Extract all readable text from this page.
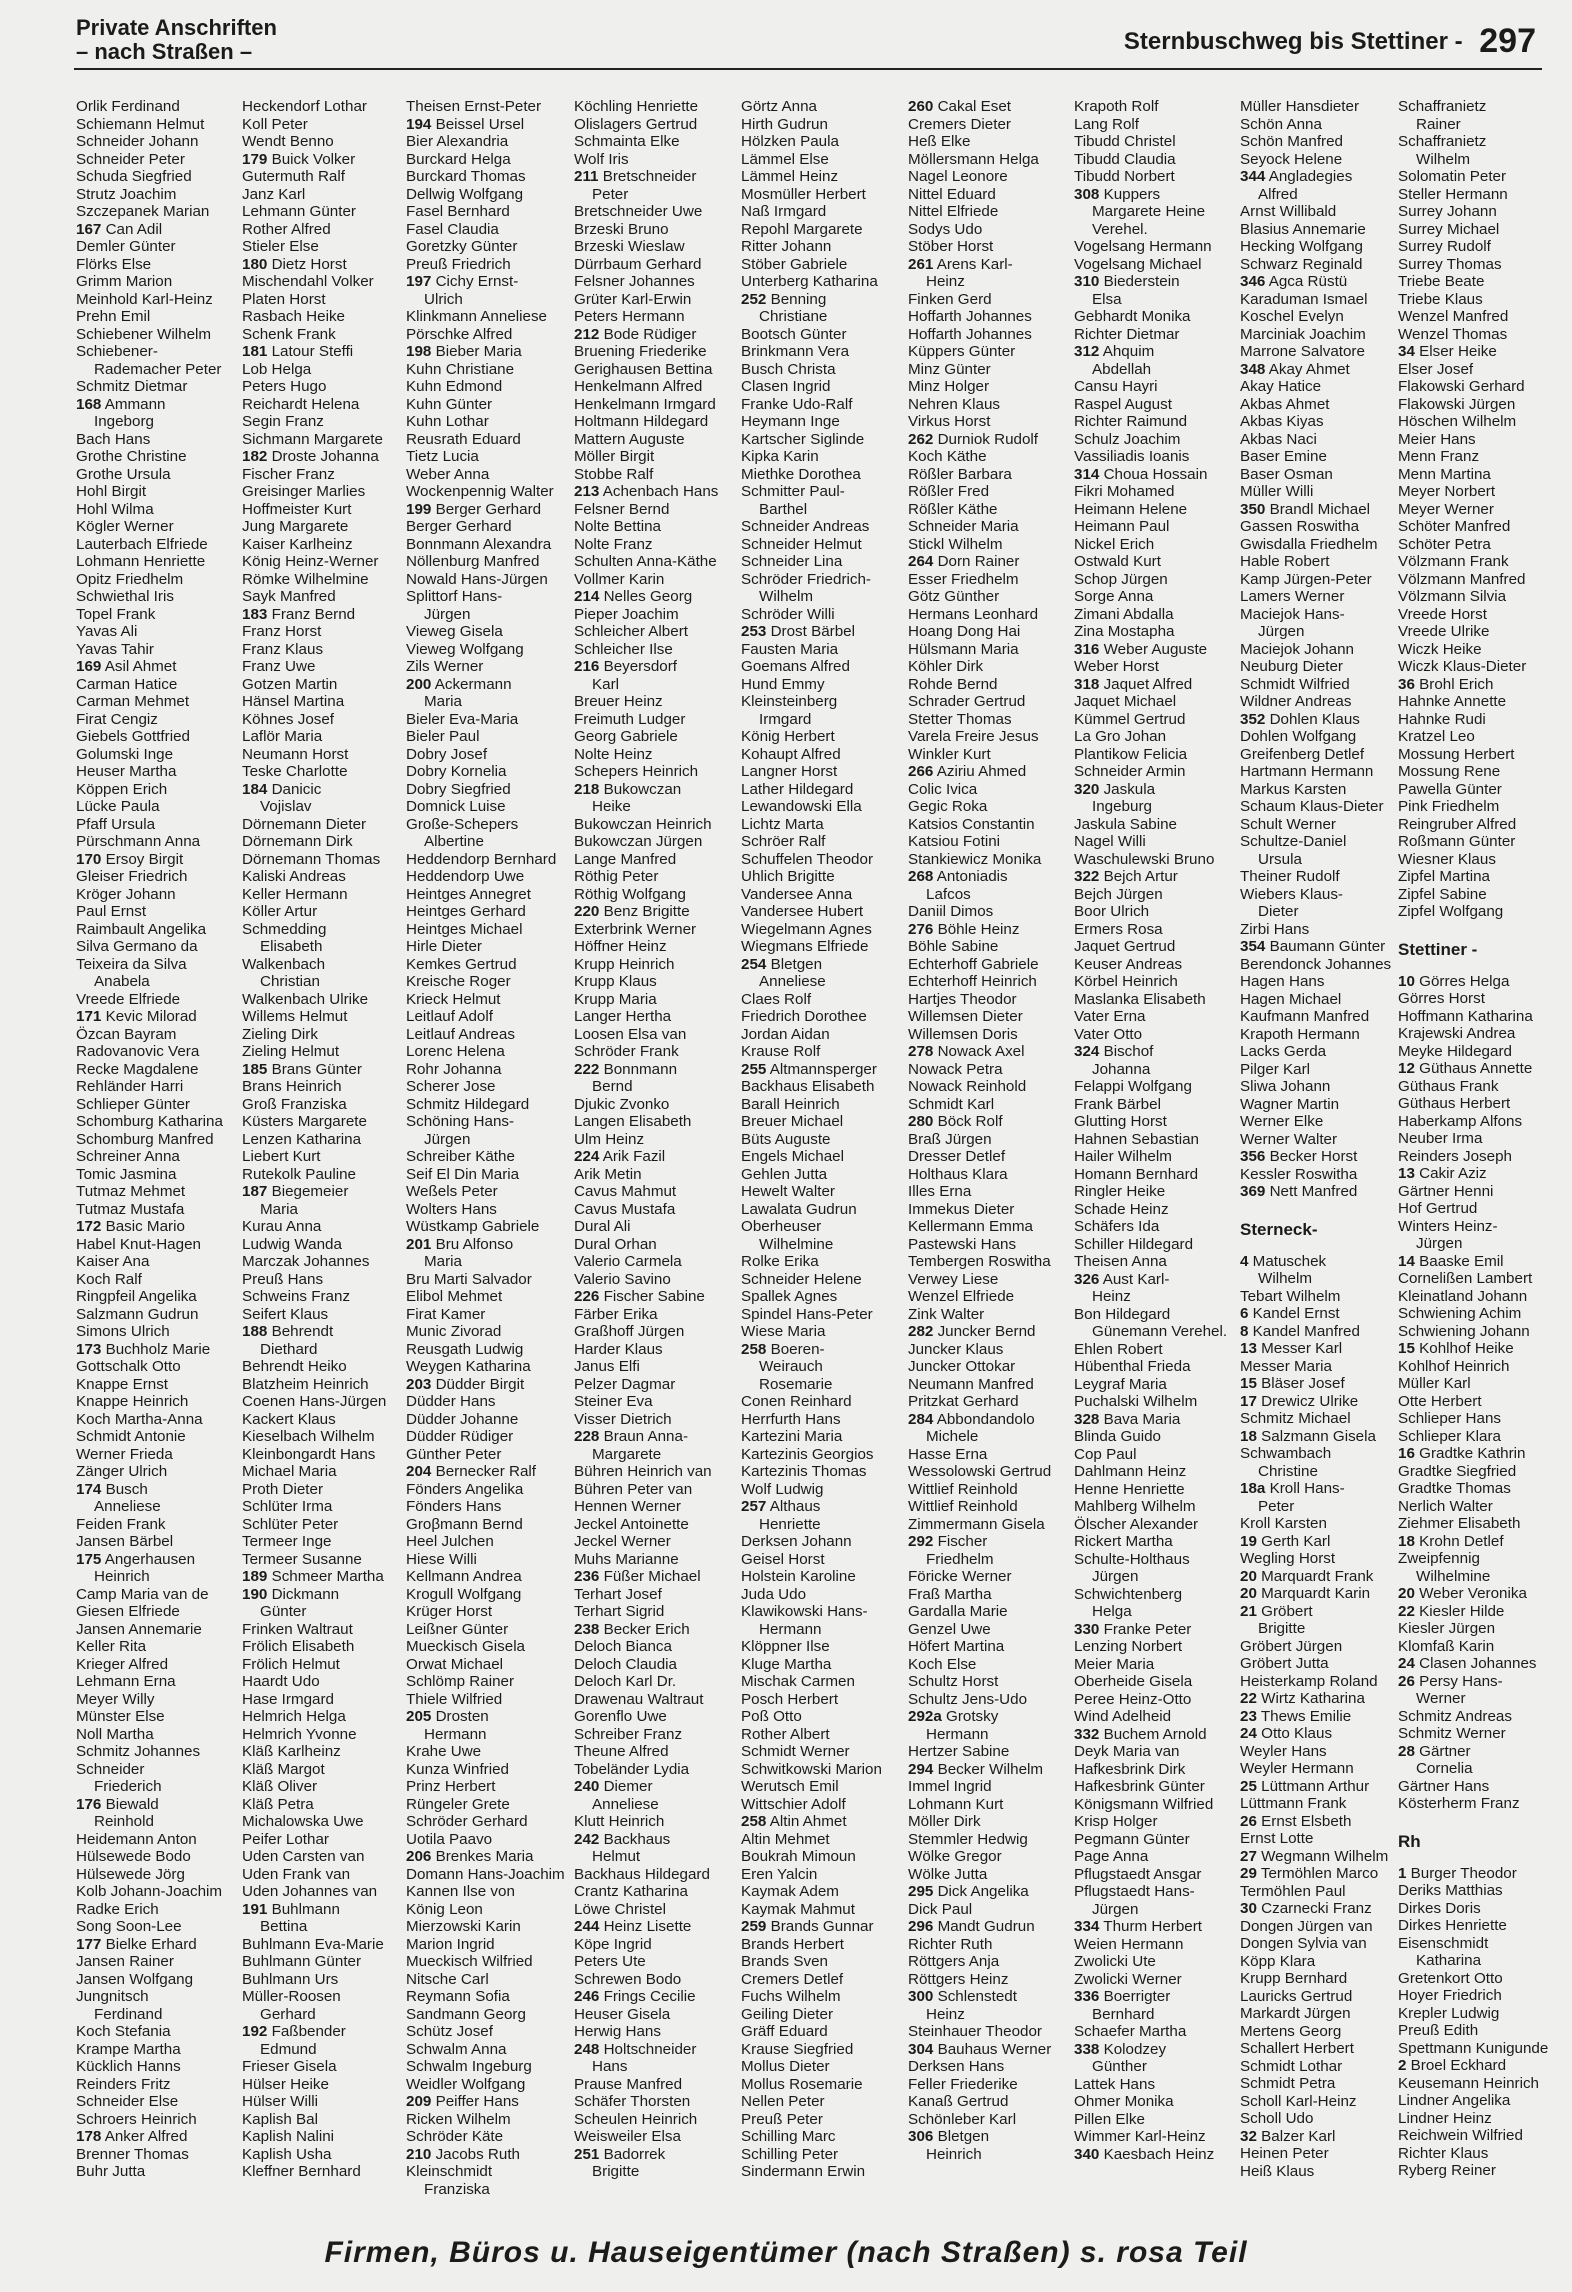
Private Anschriften
– nach Straßen –	Sternbuschweg bis Stettiner - 297
Orlik Ferdinand
Schiemann Helmut
Schneider Johann
Schneider Peter
Schuda Siegfried
Strutz Joachim
Szczepanek Marian
167 Can Adil
Demler Günter
Flörks Else
Grimm Marion
Meinhold Karl-Heinz
Prehn Emil
Schiebener Wilhelm
Schiebener-
Rademacher Peter
Schmitz Dietmar
168 Ammann
Ingeborg
Bach Hans
Grothe Christine
Grothe Ursula
Hohl Birgit
Hohl Wilma
Kögler Werner
Lauterbach Elfriede
Lohmann Henriette
Opitz Friedhelm
Schwiethal Iris
Topel Frank
Yavas Ali
Yavas Tahir
169 Asil Ahmet
Carman Hatice
Carman Mehmet
Firat Cengiz
Giebels Gottfried
Golumski Inge
Heuser Martha
Köppen Erich
Lücke Paula
Pfaff Ursula
Pürschmann Anna
170 Ersoy Birgit
Gleiser Friedrich
Kröger Johann
Paul Ernst
Raimbault Angelika
Silva Germano da
Teixeira da Silva
Anabela
Vreede Elfriede
171 Kevic Milorad
Özcan Bayram
Radovanovic Vera
Recke Magdalene
Rehländer Harri
Schlieper Günter
Schomburg Katharina
Schomburg Manfred
Schreiner Anna
Tomic Jasmina
Tutmaz Mehmet
Tutmaz Mustafa
172 Basic Mario
Habel Knut-Hagen
Kaiser Ana
Koch Ralf
Ringpfeil Angelika
Salzmann Gudrun
Simons Ulrich
173 Buchholz Marie
Gottschalk Otto
Knappe Ernst
Knappe Heinrich
Koch Martha-Anna
Schmidt Antonie
Werner Frieda
Zänger Ulrich
174 Busch
Anneliese
Feiden Frank
Jansen Bärbel
175 Angerhausen
Heinrich
Camp Maria van de
Giesen Elfriede
Jansen Annemarie
Keller Rita
Krieger Alfred
Lehmann Erna
Meyer Willy
Münster Else
Noll Martha
Schmitz Johannes
Schneider
Friederich
176 Biewald
Reinhold
Heidemann Anton
Hülsewede Bodo
Hülsewede Jörg
Kolb Johann-Joachim
Radke Erich
Song Soon-Lee
177 Bielke Erhard
Jansen Rainer
Jansen Wolfgang
Jungnitsch
Ferdinand
Koch Stefania
Krampe Martha
Kücklich Hanns
Reinders Fritz
Schneider Else
Schroers Heinrich
178 Anker Alfred
Brenner Thomas
Buhr Jutta
Heckendorf Lothar
Koll Peter
Wendt Benno
179 Buick Volker
Gutermuth Ralf
Janz Karl
Lehmann Günter
Rother Alfred
Stieler Else
180 Dietz Horst
Mischendahl Volker
Platen Horst
Rasbach Heike
Schenk Frank
181 Latour Steffi
Lob Helga
Peters Hugo
Reichardt Helena
Segin Franz
Sichmann Margarete
182 Droste Johanna
Fischer Franz
Greisinger Marlies
Hoffmeister Kurt
Jung Margarete
Kaiser Karlheinz
König Heinz-Werner
Römke Wilhelmine
Sayk Manfred
183 Franz Bernd
Franz Horst
Franz Klaus
Franz Uwe
Gotzen Martin
Hänsel Martina
Köhnes Josef
Laflör Maria
Neumann Horst
Teske Charlotte
184 Danicic
Vojislav
Dörnemann Dieter
Dörnemann Dirk
Dörnemann Thomas
Kaliski Andreas
Keller Hermann
Köller Artur
Schmedding
Elisabeth
Walkenbach
Christian
Walkenbach Ulrike
Willems Helmut
Zieling Dirk
Zieling Helmut
185 Brans Günter
Brans Heinrich
Groß Franziska
Küsters Margarete
Lenzen Katharina
Liebert Kurt
Rutekolk Pauline
187 Biegemeier
Maria
Kurau Anna
Ludwig Wanda
Marczak Johannes
Preuß Hans
Schweins Franz
Seifert Klaus
188 Behrendt
Diethard
Behrendt Heiko
Blatzheim Heinrich
Coenen Hans-Jürgen
Kackert Klaus
Kieselbach Wilhelm
Kleinbongardt Hans
Michael Maria
Proth Dieter
Schlüter Irma
Schlüter Peter
Termeer Inge
Termeer Susanne
189 Schmeer Martha
190 Dickmann
Günter
Frinken Waltraut
Frölich Elisabeth
Frölich Helmut
Haardt Udo
Hase Irmgard
Helmrich Helga
Helmrich Yvonne
Kläß Karlheinz
Kläß Margot
Kläß Oliver
Kläß Petra
Michalowska Uwe
Peifer Lothar
Uden Carsten van
Uden Frank van
Uden Johannes van
191 Buhlmann
Bettina
Buhlmann Eva-Marie
Buhlmann Günter
Buhlmann Urs
Müller-Roosen
Gerhard
192 Faßbender
Edmund
Frieser Gisela
Hülser Heike
Hülser Willi
Kaplish Bal
Kaplish Nalini
Kaplish Usha
Kleffner Bernhard
Theisen Ernst-Peter
194 Beissel Ursel
Bier Alexandria
Burckard Helga
Burckard Thomas
Dellwig Wolfgang
Fasel Bernhard
Fasel Claudia
Goretzky Günter
Preuß Friedrich
197 Cichy Ernst-
Ulrich
Klinkmann Anneliese
Pörschke Alfred
198 Bieber Maria
Kuhn Christiane
Kuhn Edmond
Kuhn Günter
Kuhn Lothar
Reusrath Eduard
Tietz Lucia
Weber Anna
Wockenpennig Walter
199 Berger Gerhard
Berger Gerhard
Bonnmann Alexandra
Nöllenburg Manfred
Nowald Hans-Jürgen
Splittorf Hans-
Jürgen
Vieweg Gisela
Vieweg Wolfgang
Zils Werner
200 Ackermann
Maria
Bieler Eva-Maria
Bieler Paul
Dobry Josef
Dobry Kornelia
Dobry Siegfried
Domnick Luise
Große-Schepers
Albertine
Heddendorp Bernhard
Heddendorp Uwe
Heintges Annegret
Heintges Gerhard
Heintges Michael
Hirle Dieter
Kemkes Gertrud
Kreische Roger
Krieck Helmut
Leitlauf Adolf
Leitlauf Andreas
Lorenc Helena
Rohr Johanna
Scherer Jose
Schmitz Hildegard
Schöning Hans-
Jürgen
Schreiber Käthe
Seif El Din Maria
Weßels Peter
Wolters Hans
Wüstkamp Gabriele
201 Bru Alfonso
Maria
Bru Marti Salvador
Elibol Mehmet
Firat Kamer
Munic Zivorad
Reusgath Ludwig
Weygen Katharina
203 Düdder Birgit
Düdder Hans
Düdder Johanne
Düdder Rüdiger
Günther Peter
204 Bernecker Ralf
Fönders Angelika
Fönders Hans
Groβmann Bernd
Heel Julchen
Hiese Willi
Kellmann Andrea
Krogull Wolfgang
Krüger Horst
Leißner Günter
Mueckisch Gisela
Orwat Michael
Schlömp Rainer
Thiele Wilfried
205 Drosten
Hermann
Krahe Uwe
Kunza Winfried
Prinz Herbert
Rüngeler Grete
Schröder Gerhard
Uotila Paavo
206 Brenkes Maria
Domann Hans-Joachim
Kannen Ilse von
König Leon
Mierzowski Karin
Marion Ingrid
Mueckisch Wilfried
Nitsche Carl
Reymann Sofia
Sandmann Georg
Schütz Josef
Schwalm Anna
Schwalm Ingeburg
Weidler Wolfgang
209 Peiffer Hans
Ricken Wilhelm
Schröder Käte
210 Jacobs Ruth
Kleinschmidt
Franziska
Köchling Henriette
Olislagers Gertrud
Schmainta Elke
Wolf Iris
211 Bretschneider
Peter
Bretschneider Uwe
Brzeski Bruno
Brzeski Wieslaw
Dürrbaum Gerhard
Felsner Johannes
Grüter Karl-Erwin
Peters Hermann
212 Bode Rüdiger
Bruening Friederike
Gerighausen Bettina
Henkelmann Alfred
Henkelmann Irmgard
Holtmann Hildegard
Mattern Auguste
Möller Birgit
Stobbe Ralf
213 Achenbach Hans
Felsner Bernd
Nolte Bettina
Nolte Franz
Schulten Anna-Käthe
Vollmer Karin
214 Nelles Georg
Pieper Joachim
Schleicher Albert
Schleicher Ilse
216 Beyersdorf
Karl
Breuer Heinz
Freimuth Ludger
Georg Gabriele
Nolte Heinz
Schepers Heinrich
218 Bukowczan
Heike
Bukowczan Heinrich
Bukowczan Jürgen
Lange Manfred
Röthig Peter
Röthig Wolfgang
220 Benz Brigitte
Exterbrink Werner
Höffner Heinz
Krupp Heinrich
Krupp Klaus
Krupp Maria
Langer Hertha
Loosen Elsa van
Schröder Frank
222 Bonnmann
Bernd
Djukic Zvonko
Langen Elisabeth
Ulm Heinz
224 Arik Fazil
Arik Metin
Cavus Mahmut
Cavus Mustafa
Dural Ali
Dural Orhan
Valerio Carmela
Valerio Savino
226 Fischer Sabine
Färber Erika
Graßhoff Jürgen
Harder Klaus
Janus Elfi
Pelzer Dagmar
Steiner Eva
Visser Dietrich
228 Braun Anna-
Margarete
Bühren Heinrich van
Bühren Peter van
Hennen Werner
Jeckel Antoinette
Jeckel Werner
Muhs Marianne
236 Füßer Michael
Terhart Josef
Terhart Sigrid
238 Becker Erich
Deloch Bianca
Deloch Claudia
Deloch Karl Dr.
Drawenau Waltraut
Gorenflo Uwe
Schreiber Franz
Theune Alfred
Tobeländer Lydia
240 Diemer
Anneliese
Klutt Heinrich
242 Backhaus
Helmut
Backhaus Hildegard
Crantz Katharina
Löwe Christel
244 Heinz Lisette
Köpe Ingrid
Peters Ute
Schrewen Bodo
246 Frings Cecilie
Heuser Gisela
Herwig Hans
248 Holtschneider
Hans
Prause Manfred
Schäfer Thorsten
Scheulen Heinrich
Weisweiler Elsa
251 Badorrek
Brigitte
Görtz Anna
Hirth Gudrun
Hölzken Paula
Lämmel Else
Lämmel Heinz
Mosmüller Herbert
Naß Irmgard
Repohl Margarete
Ritter Johann
Stöber Gabriele
Unterberg Katharina
252 Benning
Christiane
Bootsch Günter
Brinkmann Vera
Busch Christa
Clasen Ingrid
Franke Udo-Ralf
Heymann Inge
Kartscher Siglinde
Kipka Karin
Miethke Dorothea
Schmitter Paul-
Barthel
Schneider Andreas
Schneider Helmut
Schneider Lina
Schröder Friedrich-
Wilhelm
Schröder Willi
253 Drost Bärbel
Fausten Maria
Goemans Alfred
Hund Emmy
Kleinsteinberg
Irmgard
König Herbert
Kohaupt Alfred
Langner Horst
Lather Hildegard
Lewandowski Ella
Lichtz Marta
Schröer Ralf
Schuffelen Theodor
Uhlich Brigitte
Vandersee Anna
Vandersee Hubert
Wiegelmann Agnes
Wiegmans Elfriede
254 Bletgen
Anneliese
Claes Rolf
Friedrich Dorothee
Jordan Aidan
Krause Rolf
255 Altmannsperger
Backhaus Elisabeth
Barall Heinrich
Breuer Michael
Büts Auguste
Engels Michael
Gehlen Jutta
Hewelt Walter
Lawalata Gudrun
Oberheuser
Wilhelmine
Rolke Erika
Schneider Helene
Spallek Agnes
Spindel Hans-Peter
Wiese Maria
258 Boeren-
Weirauch
Rosemarie
Conen Reinhard
Herrfurth Hans
Kartezini Maria
Kartezinis Georgios
Kartezinis Thomas
Wolf Ludwig
257 Althaus
Henriette
Derksen Johann
Geisel Horst
Holstein Karoline
Juda Udo
Klawikowski Hans-
Hermann
Klöppner Ilse
Kluge Martha
Mischak Carmen
Posch Herbert
Poß Otto
Rother Albert
Schmidt Werner
Schwitkowski Marion
Werutsch Emil
Wittschier Adolf
258 Altin Ahmet
Altin Mehmet
Boukrah Mimoun
Eren Yalcin
Kaymak Adem
Kaymak Mahmut
259 Brands Gunnar
Brands Herbert
Brands Sven
Cremers Detlef
Fuchs Wilhelm
Geiling Dieter
Gräff Eduard
Krause Siegfried
Mollus Dieter
Mollus Rosemarie
Nellen Peter
Preuß Peter
Schilling Marc
Schilling Peter
Sindermann Erwin
260 Cakal Eset
Cremers Dieter
Heß Elke
Möllersmann Helga
Nagel Leonore
Nittel Eduard
Nittel Elfriede
Sodys Udo
Stöber Horst
261 Arens Karl-
Heinz
Finken Gerd
Hoffarth Johannes
Hoffarth Johannes
Küppers Günter
Minz Günter
Minz Holger
Nehren Klaus
Virkus Horst
262 Durniok Rudolf
Koch Käthe
Rößler Barbara
Rößler Fred
Rößler Käthe
Schneider Maria
Stickl Wilhelm
264 Dorn Rainer
Esser Friedhelm
Götz Günther
Hermans Leonhard
Hoang Dong Hai
Hülsmann Maria
Köhler Dirk
Rohde Bernd
Schrader Gertrud
Stetter Thomas
Varela Freire Jesus
Winkler Kurt
266 Aziriu Ahmed
Colic Ivica
Gegic Roka
Katsios Constantin
Katsiou Fotini
Stankiewicz Monika
268 Antoniadis
Lafcos
Daniil Dimos
276 Böhle Heinz
Böhle Sabine
Echterhoff Gabriele
Echterhoff Heinrich
Hartjes Theodor
Willemsen Dieter
Willemsen Doris
278 Nowack Axel
Nowack Petra
Nowack Reinhold
Schmidt Karl
280 Böck Rolf
Braß Jürgen
Dresser Detlef
Holthaus Klara
Illes Erna
Immekus Dieter
Kellermann Emma
Pastewski Hans
Tembergen Roswitha
Verwey Liese
Wenzel Elfriede
Zink Walter
282 Juncker Bernd
Juncker Klaus
Juncker Ottokar
Neumann Manfred
Pritzkat Gerhard
284 Abbondandolo
Michele
Hasse Erna
Wessolowski Gertrud
Wittlief Reinhold
Wittlief Reinhold
Zimmermann Gisela
292 Fischer
Friedhelm
Föricke Werner
Fraß Martha
Gardalla Marie
Genzel Uwe
Höfert Martina
Koch Else
Schultz Horst
Schultz Jens-Udo
292a Grotsky
Hermann
Hertzer Sabine
294 Becker Wilhelm
Immel Ingrid
Lohmann Kurt
Möller Dirk
Stemmler Hedwig
Wölke Gregor
Wölke Jutta
295 Dick Angelika
Dick Paul
296 Mandt Gudrun
Richter Ruth
Röttgers Anja
Röttgers Heinz
300 Schlenstedt
Heinz
Steinhauer Theodor
304 Bauhaus Werner
Derksen Hans
Feller Friederike
Kanaß Gertrud
Schönleber Karl
306 Bletgen
Heinrich
Krapoth Rolf
Lang Rolf
Tibudd Christel
Tibudd Claudia
Tibudd Norbert
308 Kuppers
Margarete Heine
Verehel.
Vogelsang Hermann
Vogelsang Michael
310 Biederstein
Elsa
Gebhardt Monika
Richter Dietmar
312 Ahquim
Abdellah
Cansu Hayri
Raspel August
Richter Raimund
Schulz Joachim
Vassiliadis Ioanis
314 Choua Hossain
Fikri Mohamed
Heimann Helene
Heimann Paul
Nickel Erich
Ostwald Kurt
Schop Jürgen
Sorge Anna
Zimani Abdalla
Zina Mostapha
316 Weber Auguste
Weber Horst
318 Jaquet Alfred
Jaquet Michael
Kümmel Gertrud
La Gro Johan
Plantikow Felicia
Schneider Armin
320 Jaskula
Ingeburg
Jaskula Sabine
Nagel Willi
Waschulewski Bruno
322 Bejch Artur
Bejch Jürgen
Boor Ulrich
Ermers Rosa
Jaquet Gertrud
Keuser Andreas
Körbel Heinrich
Maslanka Elisabeth
Vater Erna
Vater Otto
324 Bischof
Johanna
Felappi Wolfgang
Frank Bärbel
Glutting Horst
Hahnen Sebastian
Hailer Wilhelm
Homann Bernhard
Ringler Heike
Schade Heinz
Schäfers Ida
Schiller Hildegard
Theisen Anna
326 Aust Karl-
Heinz
Bon Hildegard
Günemann Verehel.
Ehlen Robert
Hübenthal Frieda
Leygraf Maria
Puchalski Wilhelm
328 Bava Maria
Blinda Guido
Cop Paul
Dahlmann Heinz
Henne Henriette
Mahlberg Wilhelm
Ölscher Alexander
Rickert Martha
Schulte-Holthaus
Jürgen
Schwichtenberg
Helga
330 Franke Peter
Lenzing Norbert
Meier Maria
Oberheide Gisela
Peree Heinz-Otto
Wind Adelheid
332 Buchem Arnold
Deyk Maria van
Hafkesbrink Dirk
Hafkesbrink Günter
Königsmann Wilfried
Krisp Holger
Pegmann Günter
Page Anna
Pflugstaedt Ansgar
Pflugstaedt Hans-
Jürgen
334 Thurm Herbert
Weien Hermann
Zwolicki Ute
Zwolicki Werner
336 Boerrigter
Bernhard
Schaefer Martha
338 Kolodzey
Günther
Lattek Hans
Ohmer Monika
Pillen Elke
Wimmer Karl-Heinz
340 Kaesbach Heinz
Müller Hansdieter
Schön Anna
Schön Manfred
Seyock Helene
344 Angladegies
Alfred
Arnst Willibald
Blasius Annemarie
Hecking Wolfgang
Schwarz Reginald
346 Agca Rüstü
Karaduman Ismael
Koschel Evelyn
Marciniak Joachim
Marrone Salvatore
348 Akay Ahmet
Akay Hatice
Akbas Ahmet
Akbas Kiyas
Akbas Naci
Baser Emine
Baser Osman
Müller Willi
350 Brandl Michael
Gassen Roswitha
Gwisdalla Friedhelm
Hable Robert
Kamp Jürgen-Peter
Lamers Werner
Maciejok Hans-
Jürgen
Maciejok Johann
Neuburg Dieter
Schmidt Wilfried
Wildner Andreas
352 Dohlen Klaus
Dohlen Wolfgang
Greifenberg Detlef
Hartmann Hermann
Markus Karsten
Schaum Klaus-Dieter
Schult Werner
Schultze-Daniel
Ursula
Theiner Rudolf
Wiebers Klaus-
Dieter
Zirbi Hans
354 Baumann Günter
Berendonck Johannes
Hagen Hans
Hagen Michael
Kaufmann Manfred
Krapoth Hermann
Lacks Gerda
Pilger Karl
Sliwa Johann
Wagner Martin
Werner Elke
Werner Walter
356 Becker Horst
Kessler Roswitha
369 Nett Manfred
Sterneck-
4 Matuschek
Wilhelm
Tebart Wilhelm
6 Kandel Ernst
8 Kandel Manfred
13 Messer Karl
Messer Maria
15 Bläser Josef
17 Drewicz Ulrike
Schmitz Michael
18 Salzmann Gisela
Schwambach
Christine
18a Kroll Hans-
Peter
Kroll Karsten
19 Gerth Karl
Wegling Horst
20 Marquardt Frank
20 Marquardt Karin
21 Gröbert
Brigitte
Gröbert Jürgen
Gröbert Jutta
Heisterkamp Roland
22 Wirtz Katharina
23 Thews Emilie
24 Otto Klaus
Weyler Hans
Weyler Hermann
25 Lüttmann Arthur
Lüttmann Frank
26 Ernst Elsbeth
Ernst Lotte
27 Wegmann Wilhelm
29 Termöhlen Marco
Termöhlen Paul
30 Czarnecki Franz
Dongen Jürgen van
Dongen Sylvia van
Köpp Klara
Krupp Bernhard
Lauricks Gertrud
Markardt Jürgen
Mertens Georg
Schallert Herbert
Schmidt Lothar
Schmidt Petra
Scholl Karl-Heinz
Scholl Udo
32 Balzer Karl
Heinen Peter
Heiß Klaus
Schaffranietz
Rainer
Schaffranietz
Wilhelm
Solomatin Peter
Steller Hermann
Surrey Johann
Surrey Michael
Surrey Rudolf
Surrey Thomas
Triebe Beate
Triebe Klaus
Wenzel Manfred
Wenzel Thomas
34 Elser Heike
Elser Josef
Flakowski Gerhard
Flakowski Jürgen
Höschen Wilhelm
Meier Hans
Menn Franz
Menn Martina
Meyer Norbert
Meyer Werner
Schöter Manfred
Schöter Petra
Völzmann Frank
Völzmann Manfred
Völzmann Silvia
Vreede Horst
Vreede Ulrike
Wiczk Heike
Wiczk Klaus-Dieter
36 Brohl Erich
Hahnke Annette
Hahnke Rudi
Kratzel Leo
Mossung Herbert
Mossung Rene
Pawella Günter
Pink Friedhelm
Reingruber Alfred
Roßmann Günter
Wiesner Klaus
Zipfel Martina
Zipfel Sabine
Zipfel Wolfgang
Stettiner -
10 Görres Helga
Görres Horst
Hoffmann Katharina
Krajewski Andrea
Meyke Hildegard
12 Güthaus Annette
Güthaus Frank
Güthaus Herbert
Haberkamp Alfons
Neuber Irma
Reinders Joseph
13 Cakir Aziz
Gärtner Henni
Hof Gertrud
Winters Heinz-
Jürgen
14 Baaske Emil
Cornelißen Lambert
Kleinatland Johann
Schwiening Achim
Schwiening Johann
15 Kohlhof Heike
Kohlhof Heinrich
Müller Karl
Otte Herbert
Schlieper Hans
Schlieper Klara
16 Gradtke Kathrin
Gradtke Siegfried
Gradtke Thomas
Nerlich Walter
Ziehmer Elisabeth
18 Krohn Detlef
Zweipfennig
Wilhelmine
20 Weber Veronika
22 Kiesler Hilde
Kiesler Jürgen
Klomfaß Karin
24 Clasen Johannes
26 Persy Hans-
Werner
Schmitz Andreas
Schmitz Werner
28 Gärtner
Cornelia
Gärtner Hans
Kösterherm Franz
Rh
1 Burger Theodor
Deriks Matthias
Dirkes Doris
Dirkes Henriette
Eisenschmidt
Katharina
Gretenkort Otto
Hoyer Friedrich
Krepler Ludwig
Preuß Edith
Spettmann Kunigunde
2 Broel Eckhard
Keusemann Heinrich
Lindner Angelika
Lindner Heinz
Reichwein Wilfried
Richter Klaus
Ryberg Reiner
Firmen, Büros u. Hauseigentümer (nach Straßen) s. rosa Teil
